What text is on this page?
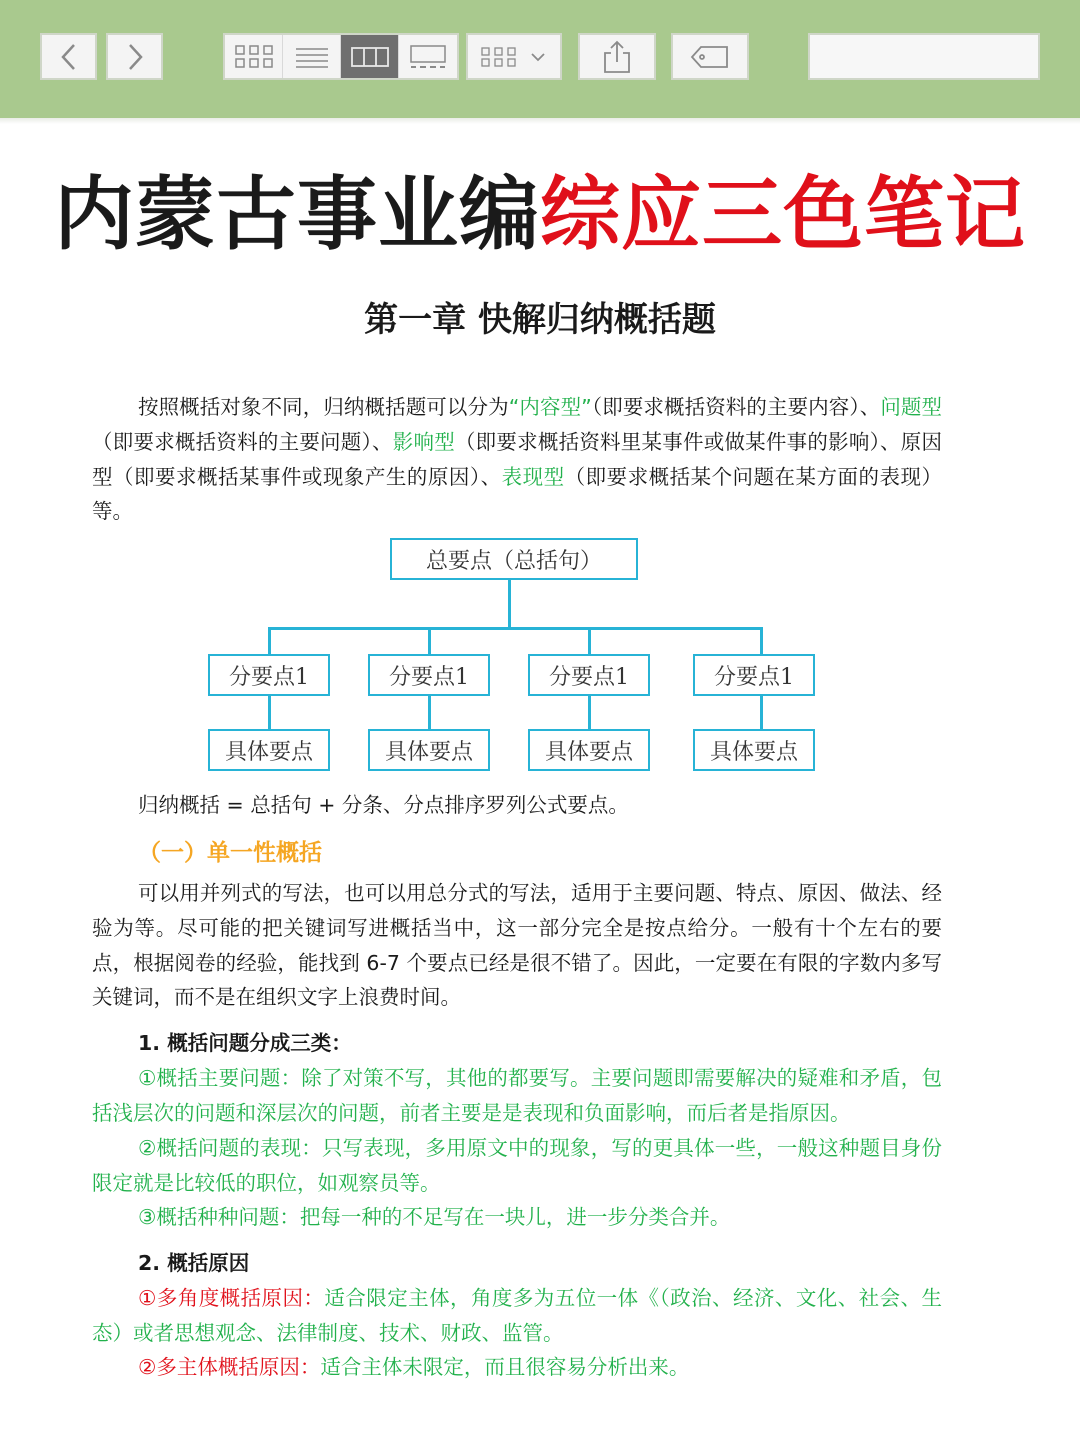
内蒙古事业编综应三色笔记
第一章 快解归纳概括题
按照概括对象不同，归纳概括题可以分为“内容型”（即要求概括资料的主要内容）、问题型（即要求概括资料的主要问题）、影响型（即要求概括资料里某事件或做某件事的影响）、原因型（即要求概括某事件或现象产生的原因）、表现型（即要求概括某个问题在某方面的表现）等。
总要点（总括句）
分要点1	分要点1	分要点1	分要点1
具体要点	具体要点	具体要点	具体要点
归纳概括 = 总括句 + 分条、分点排序罗列公式要点。
（一）单一性概括
可以用并列式的写法，也可以用总分式的写法，适用于主要问题、特点、原因、做法、经验为等。尽可能的把关键词写进概括当中，这一部分完全是按点给分。一般有十个左右的要点，根据阅卷的经验，能找到 6-7 个要点已经是很不错了。因此，一定要在有限的字数内多写关键词，而不是在组织文字上浪费时间。
1. 概括问题分成三类：
①概括主要问题：除了对策不写，其他的都要写。主要问题即需要解决的疑难和矛盾，包括浅层次的问题和深层次的问题，前者主要是是表现和负面影响，而后者是指原因。
②概括问题的表现：只写表现，多用原文中的现象，写的更具体一些，一般这种题目身份限定就是比较低的职位，如观察员等。
③概括种种问题：把每一种的不足写在一块儿，进一步分类合并。
2. 概括原因
①多角度概括原因：适合限定主体，角度多为五位一体《（政治、经济、文化、社会、生态）或者思想观念、法律制度、技术、财政、监管。
②多主体概括原因：适合主体未限定，而且很容易分析出来。
